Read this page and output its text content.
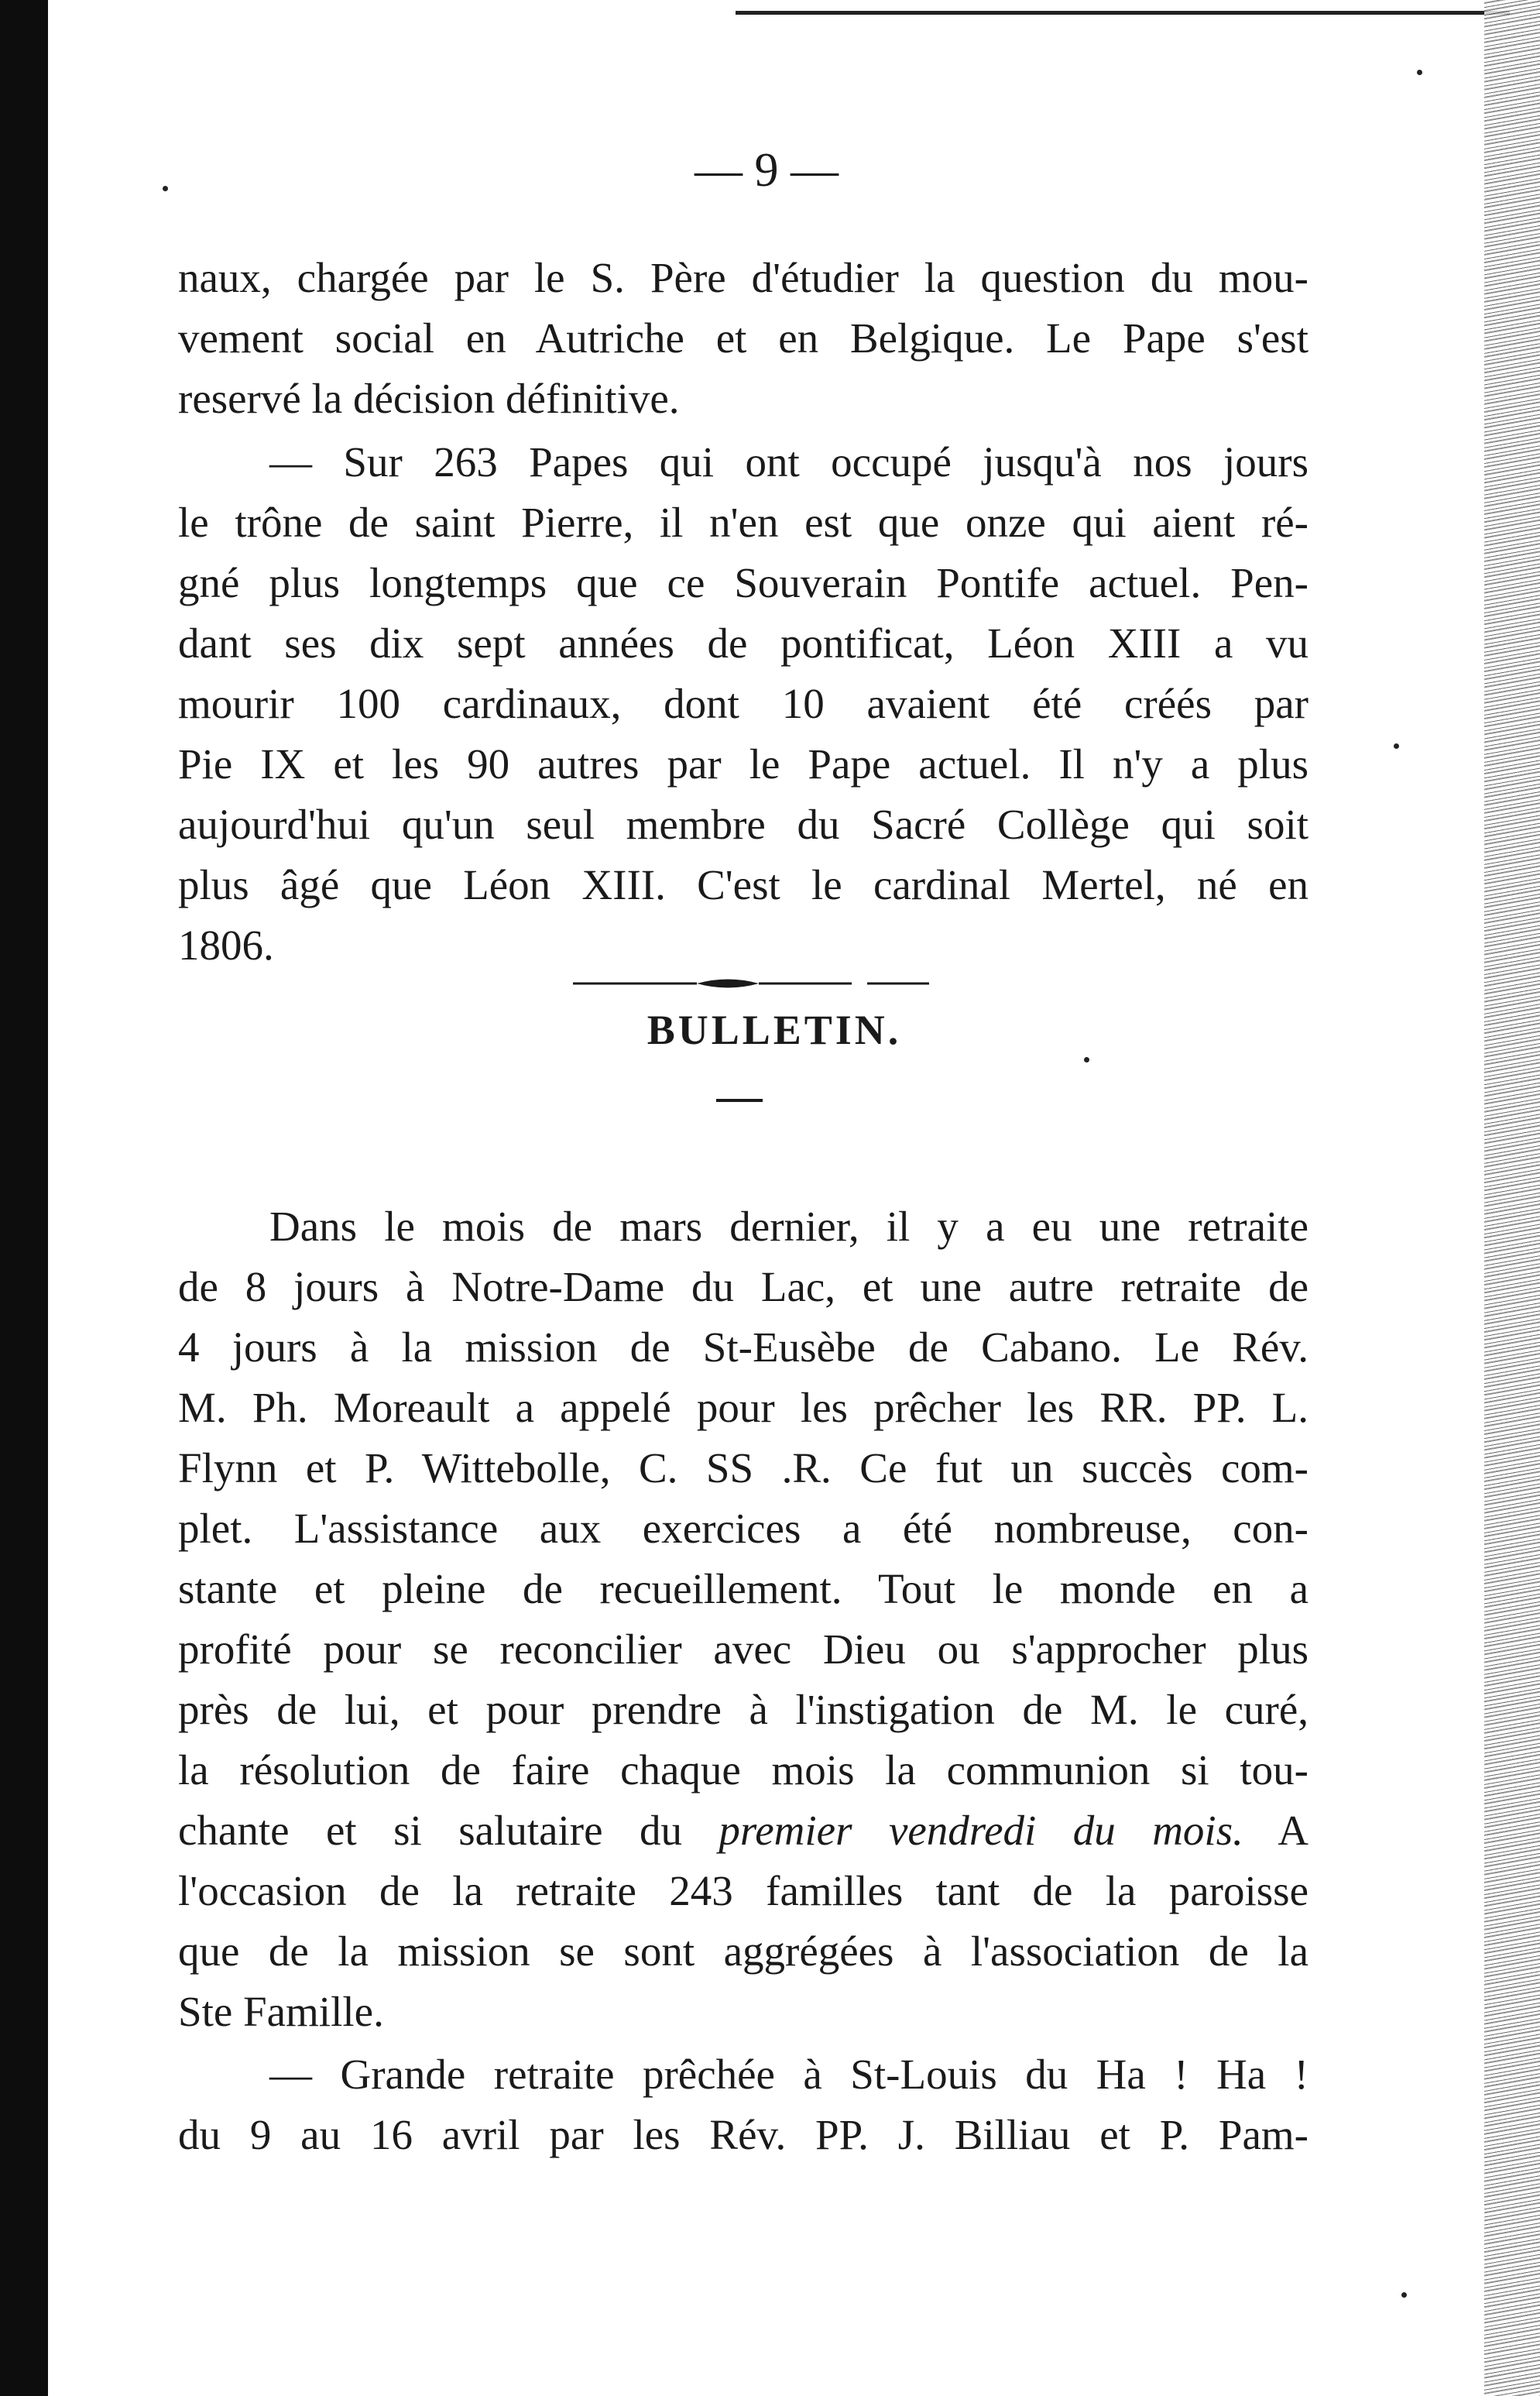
— 9 —
naux, chargée par le S. Père d'étudier la question du mou-
vement social en Autriche et en Belgique. Le Pape s'est
reservé la décision définitive.
— Sur 263 Papes qui ont occupé jusqu'à nos jours
le trône de saint Pierre, il n'en est que onze qui aient ré-
gné plus longtemps que ce Souverain Pontife actuel. Pen-
dant ses dix sept années de pontificat, Léon XIII a vu
mourir 100 cardinaux, dont 10 avaient été créés par
Pie IX et les 90 autres par le Pape actuel. Il n'y a plus
aujourd'hui qu'un seul membre du Sacré Collège qui soit
plus âgé que Léon XIII. C'est le cardinal Mertel, né en
1806.
BULLETIN.
Dans le mois de mars dernier, il y a eu une retraite
de 8 jours à Notre-Dame du Lac, et une autre retraite de
4 jours à la mission de St-Eusèbe de Cabano. Le Rév.
M. Ph. Moreault a appelé pour les prêcher les RR. PP. L.
Flynn et P. Wittebolle, C. SS .R. Ce fut un succès com-
plet. L'assistance aux exercices a été nombreuse, con-
stante et pleine de recueillement. Tout le monde en a
profité pour se reconcilier avec Dieu ou s'approcher plus
près de lui, et pour prendre à l'instigation de M. le curé,
la résolution de faire chaque mois la communion si tou-
chante et si salutaire du premier vendredi du mois. A
l'occasion de la retraite 243 familles tant de la paroisse
que de la mission se sont aggrégées à l'association de la
Ste Famille.
— Grande retraite prêchée à St-Louis du Ha ! Ha !
du 9 au 16 avril par les Rév. PP. J. Billiau et P. Pam-
